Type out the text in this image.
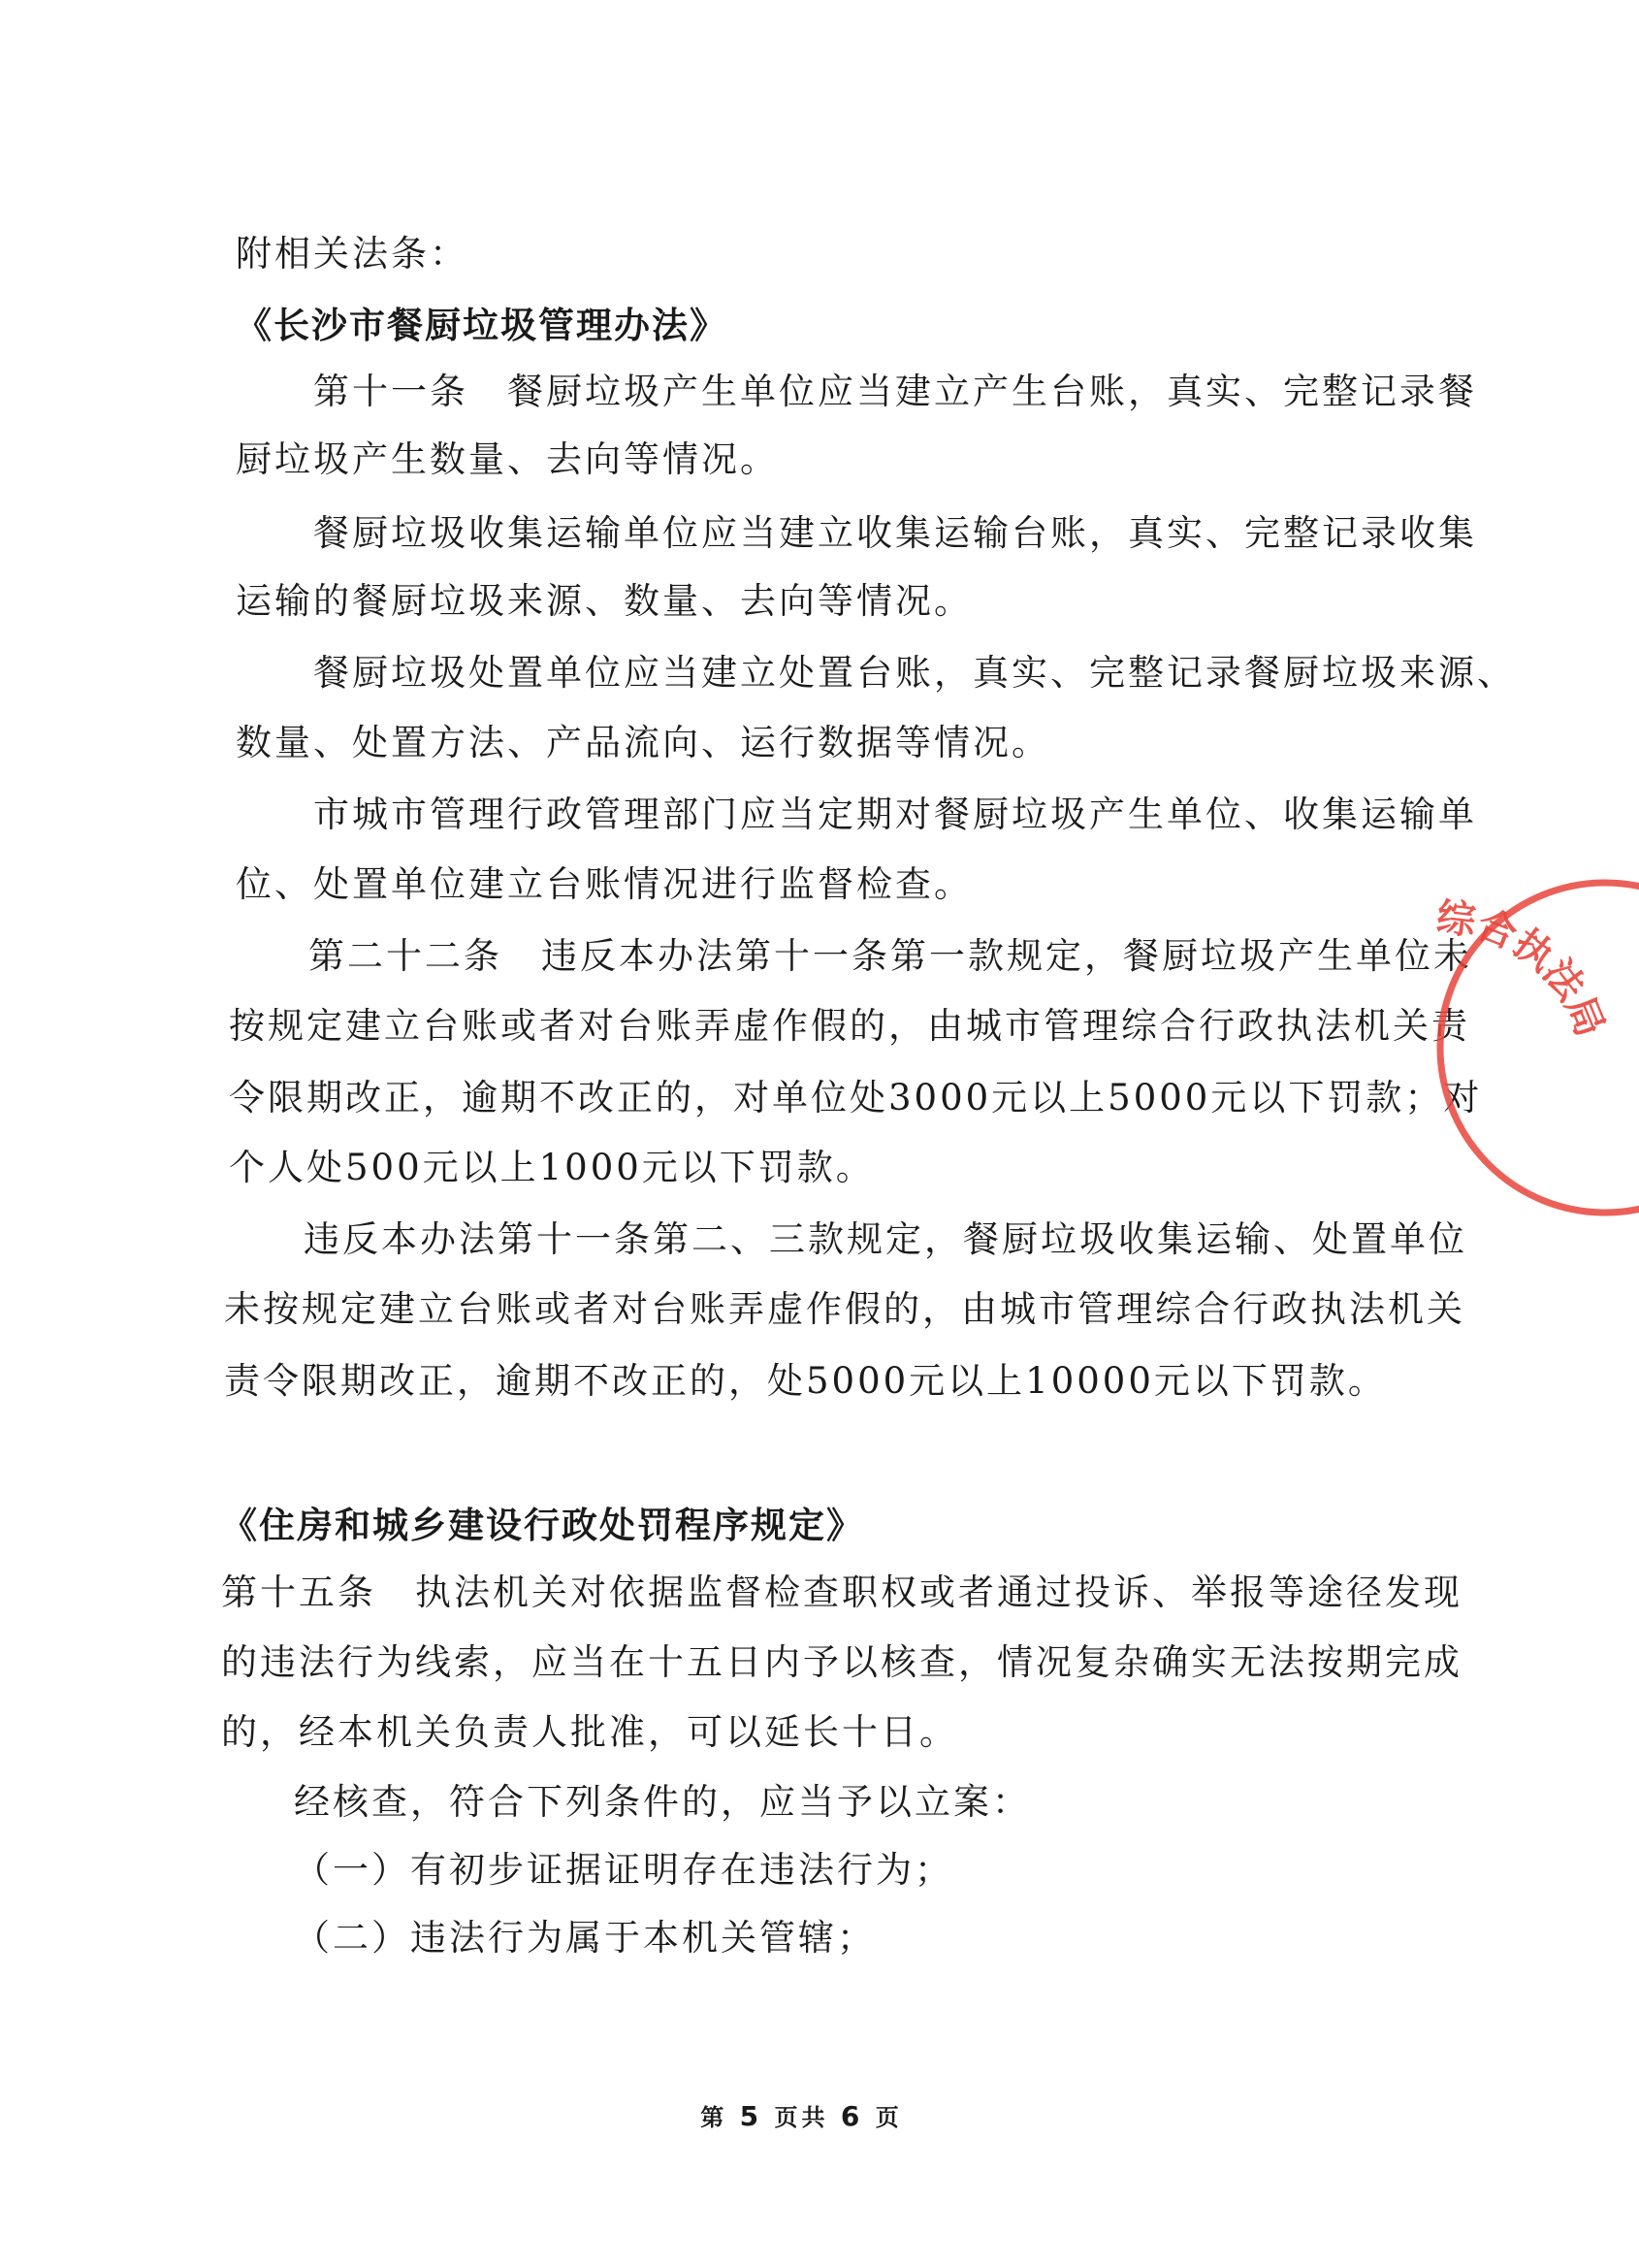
附相关法条：
《长沙市餐厨垃圾管理办法》
第十一条　餐厨垃圾产生单位应当建立产生台账，真实、完整记录餐
厨垃圾产生数量、去向等情况。
餐厨垃圾收集运输单位应当建立收集运输台账，真实、完整记录收集
运输的餐厨垃圾来源、数量、去向等情况。
餐厨垃圾处置单位应当建立处置台账，真实、完整记录餐厨垃圾来源、
数量、处置方法、产品流向、运行数据等情况。
市城市管理行政管理部门应当定期对餐厨垃圾产生单位、收集运输单
位、处置单位建立台账情况进行监督检查。
第二十二条　违反本办法第十一条第一款规定，餐厨垃圾产生单位未
按规定建立台账或者对台账弄虚作假的，由城市管理综合行政执法机关责
令限期改正，逾期不改正的，对单位处3000元以上5000元以下罚款；对
个人处500元以上1000元以下罚款。
违反本办法第十一条第二、三款规定，餐厨垃圾收集运输、处置单位
未按规定建立台账或者对台账弄虚作假的，由城市管理综合行政执法机关
责令限期改正，逾期不改正的，处5000元以上10000元以下罚款。
《住房和城乡建设行政处罚程序规定》
第十五条　执法机关对依据监督检查职权或者通过投诉、举报等途径发现
的违法行为线索，应当在十五日内予以核查，情况复杂确实无法按期完成
的，经本机关负责人批准，可以延长十日。
经核查，符合下列条件的，应当予以立案：
（一）有初步证据证明存在违法行为；
（二）违法行为属于本机关管辖；
综合执法局
第 5 页共 6 页
